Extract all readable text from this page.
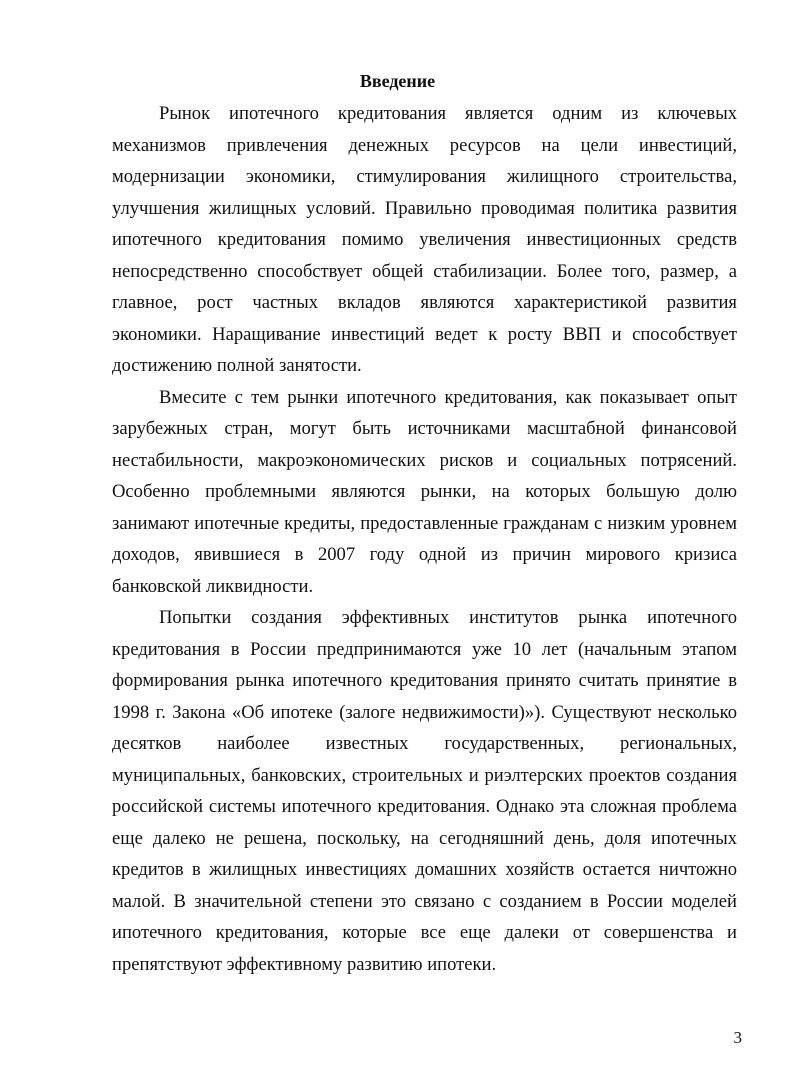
Введение

Рынок ипотечного кредитования является одним из ключевых механизмов привлечения денежных ресурсов на цели инвестиций, модернизации экономики, стимулирования жилищного строительства, улучшения жилищных условий. Правильно проводимая политика развития ипотечного кредитования помимо увеличения инвестиционных средств непосредственно способствует общей стабилизации. Более того, размер, а главное, рост частных вкладов являются характеристикой развития экономики. Наращивание инвестиций ведет к росту ВВП и способствует достижению полной занятости.

Вмесите с тем рынки ипотечного кредитования, как показывает опыт зарубежных стран, могут быть источниками масштабной финансовой нестабильности, макроэкономических рисков и социальных потрясений. Особенно проблемными являются рынки, на которых большую долю занимают ипотечные кредиты, предоставленные гражданам с низким уровнем доходов, явившиеся в 2007 году одной из причин мирового кризиса банковской ликвидности.

Попытки создания эффективных институтов рынка ипотечного кредитования в России предпринимаются уже 10 лет (начальным этапом формирования рынка ипотечного кредитования принято считать принятие в 1998 г. Закона «Об ипотеке (залоге недвижимости)»). Существуют несколько десятков наиболее известных государственных, региональных, муниципальных, банковских, строительных и риэлтерских проектов создания российской системы ипотечного кредитования. Однако эта сложная проблема еще далеко не решена, поскольку, на сегодняшний день, доля ипотечных кредитов в жилищных инвестициях домашних хозяйств остается ничтожно малой. В значительной степени это связано с созданием в России моделей ипотечного кредитования, которые все еще далеки от совершенства и препятствуют эффективному развитию ипотеки.

3
